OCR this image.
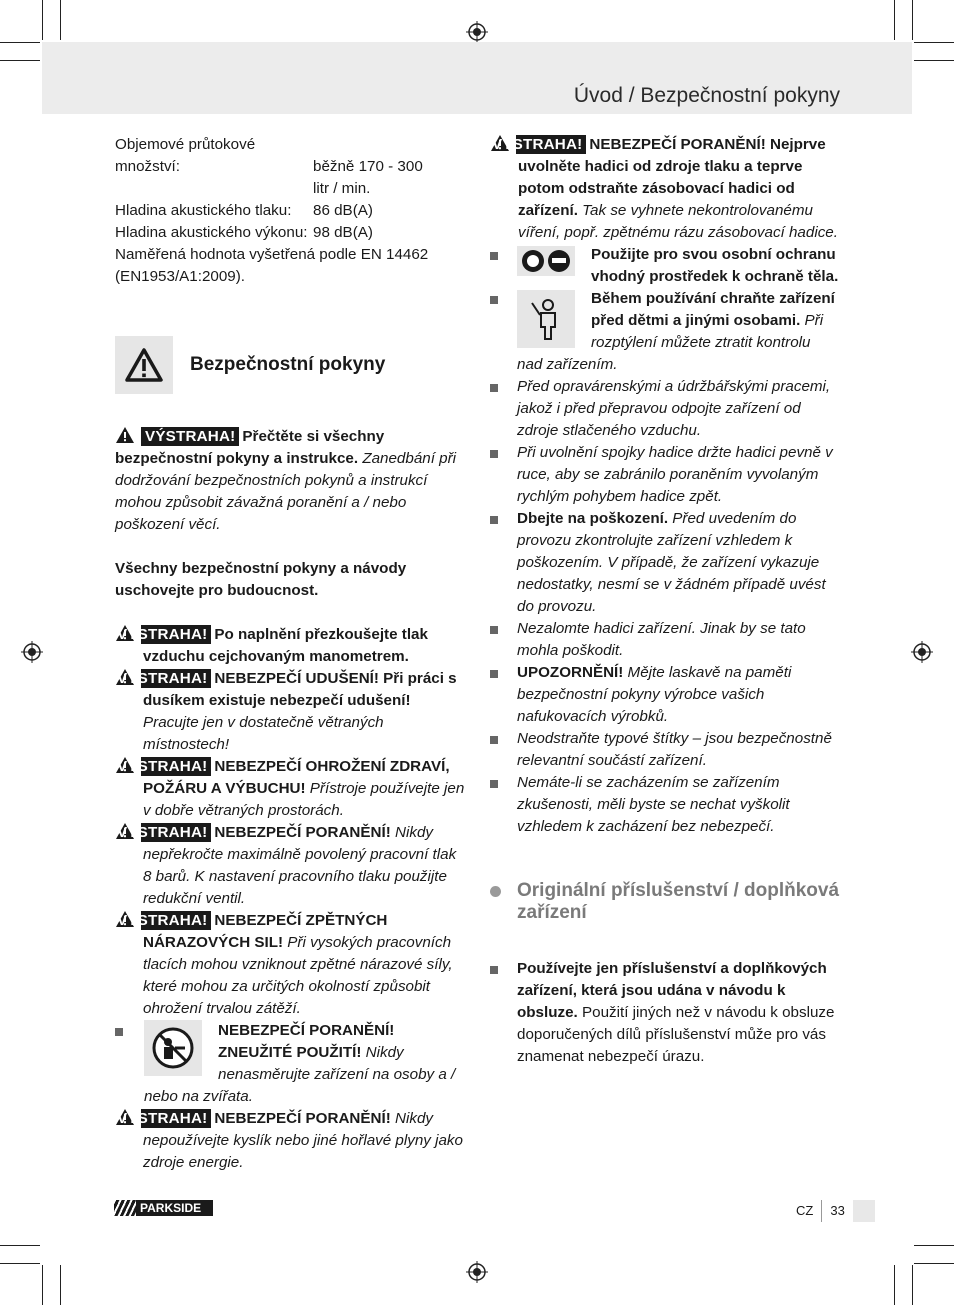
Úvod / Bezpečnostní pokyny
Objemové průtokové
množství:	běžně 170 - 300
litr / min.
Hladina akustického tlaku:	86 dB(A)
Hladina akustického výkonu: 98 dB(A)

Naměřená hodnota vyšetřená podle EN 14462 (EN1953/A1:2009).

Bezpečnostní pokyny

VÝSTRAHA! Přečtěte si všechny bezpečnostní pokyny a instrukce. Zanedbání při dodržování bezpečnostních pokynů a instrukcí mohou způsobit závažná poranění a / nebo poškození věcí.

Všechny bezpečnostní pokyny a návody uschovejte pro budoucnost.

VÝSTRAHA! Po naplnění přezkoušejte tlak vzduchu cejchovaným manometrem.

VÝSTRAHA! NEBEZPEČÍ UDUŠENÍ! Při práci s dusíkem existuje nebezpečí udušení! Pracujte jen v dostatečně větraných místnostech!

VÝSTRAHA! NEBEZPEČÍ OHROŽENÍ ZDRAVÍ, POŽÁRU A VÝBUCHU! Přístroje používejte jen v dobře větraných prostorách.

VÝSTRAHA! NEBEZPEČÍ PORANĚNÍ! Nikdy nepřekročte maximálně povolený pracovní tlak 8 barů. K nastavení pracovního tlaku použijte redukční ventil.

VÝSTRAHA! NEBEZPEČÍ ZPĚTNÝCH NÁRAZOVÝCH SIL! Při vysokých pracovních tlacích mohou vzniknout zpětné nárazové síly, které mohou za určitých okolností způsobit ohrožení trvalou zátěží.

NEBEZPEČÍ PORANĚNÍ! ZNEUŽITÉ POUŽITÍ! Nikdy nenasměrujte zařízení na osoby a / nebo na zvířata.

VÝSTRAHA! NEBEZPEČÍ PORANĚNÍ! Nikdy nepoužívejte kyslík nebo jiné hořlavé plyny jako zdroje energie.

VÝSTRAHA! NEBEZPEČÍ PORANĚNÍ! Nejprve uvolněte hadici od zdroje tlaku a teprve potom odstraňte zásobovací hadici od zařízení. Tak se vyhnete nekontrolovanému víření, popř. zpětnému rázu zásobovací hadice.

Použijte pro svou osobní ochranu vhodný prostředek k ochraně těla.
Během používání chraňte zařízení před dětmi a jinými osobami. Při rozptýlení můžete ztratit kontrolu nad zařízením.
Před opravárenskými a údržbářskými pracemi, jakož i před přepravou odpojte zařízení od zdroje stlačeného vzduchu.
Při uvolnění spojky hadice držte hadici pevně v ruce, aby se zabránilo poraněním vyvolaným rychlým pohybem hadice zpět.
Dbejte na poškození. Před uvedením do provozu zkontrolujte zařízení vzhledem k poškozením. V případě, že zařízení vykazuje nedostatky, nesmí se v žádném případě uvést do provozu.
Nezalomte hadici zařízení. Jinak by se tato mohla poškodit.
UPOZORNĚNÍ! Mějte laskavě na paměti bezpečnostní pokyny výrobce vašich nafukovacích výrobků.
Neodstraňte typové štítky – jsou bezpečnostně relevantní součástí zařízení.
Nemáte-li se zacházením se zařízením zkušenosti, měli byste se nechat vyškolit vzhledem k zacházení bez nebezpečí.
Originální příslušenství / doplňková zařízení
Používejte jen příslušenství a doplňkových zařízení, která jsou udána v návodu k obsluze. Použití jiných než v návodu k obsluze doporučených dílů příslušenství může pro vás znamenat nebezpečí úrazu.
PARKSIDE	CZ 33
